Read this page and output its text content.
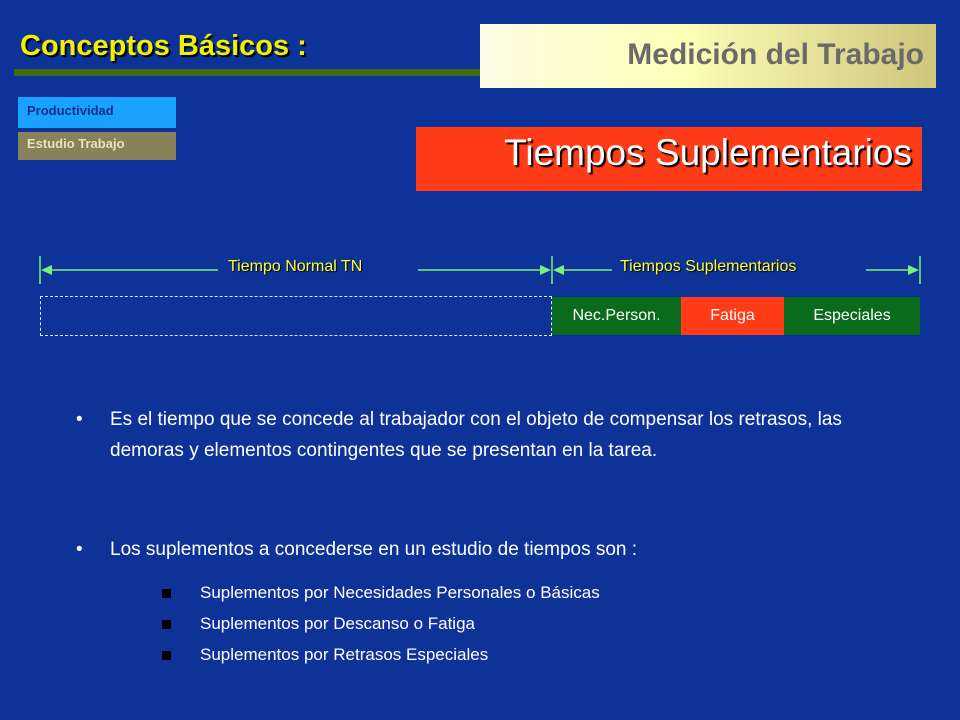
Conceptos Básicos :	Medición del Trabajo
Productividad
Estudio Trabajo	Tiempos Suplementarios
Tiempo Normal TN	Tiempos Suplementarios
Nec.Person.	Fatiga	Especiales
•	Es el tiempo que se concede al trabajador con el objeto de compensar los retrasos, las demoras y elementos contingentes que se presentan en la tarea.
•	Los suplementos a concederse en un estudio de tiempos son :
Suplementos por Necesidades Personales o Básicas
Suplementos por Descanso o Fatiga
Suplementos por Retrasos Especiales
